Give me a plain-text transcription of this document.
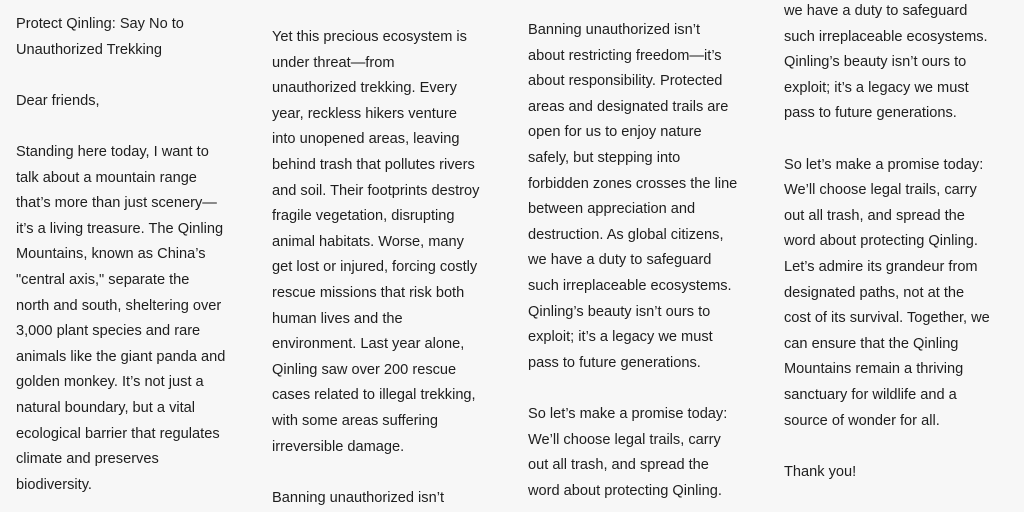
Protect Qinling: Say No to
Unauthorized Trekking

Dear friends,

Standing here today, I want to
talk about a mountain range
that’s more than just scenery—
it’s a living treasure. The Qinling
Mountains, known as China’s
"central axis," separate the
north and south, sheltering over
3,000 plant species and rare
animals like the giant panda and
golden monkey. It’s not just a
natural boundary, but a vital
ecological barrier that regulates
climate and preserves
biodiversity.

Yet this precious ecosystem is
under threat—from
unauthorized trekking. Every
year, reckless hikers venture
into unopened areas, leaving
behind trash that pollutes rivers
and soil. Their footprints destroy
fragile vegetation, disrupting
animal habitats. Worse, many
get lost or injured, forcing costly
rescue missions that risk both
human lives and the
environment. Last year alone,
Qinling saw over 200 rescue
cases related to illegal trekking,
with some areas suffering
irreversible damage.

Banning unauthorized isn’t

Banning unauthorized isn’t
about restricting freedom—it’s
about responsibility. Protected
areas and designated trails are
open for us to enjoy nature
safely, but stepping into
forbidden zones crosses the line
between appreciation and
destruction. As global citizens,
we have a duty to safeguard
such irreplaceable ecosystems.
Qinling’s beauty isn’t ours to
exploit; it’s a legacy we must
pass to future generations.

So let’s make a promise today:
We’ll choose legal trails, carry
out all trash, and spread the
word about protecting Qinling.

we have a duty to safeguard
such irreplaceable ecosystems.
Qinling’s beauty isn’t ours to
exploit; it’s a legacy we must
pass to future generations.

So let’s make a promise today:
We’ll choose legal trails, carry
out all trash, and spread the
word about protecting Qinling.
Let’s admire its grandeur from
designated paths, not at the
cost of its survival. Together, we
can ensure that the Qinling
Mountains remain a thriving
sanctuary for wildlife and a
source of wonder for all.

Thank you!
